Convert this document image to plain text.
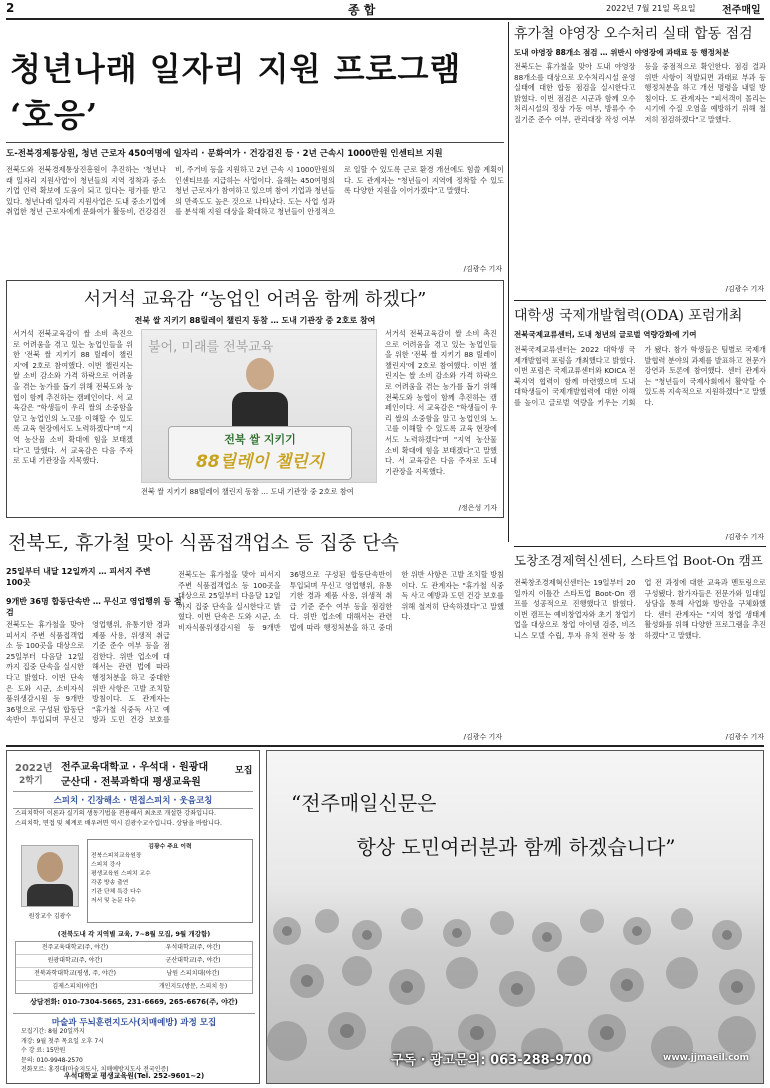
2	종 합	2022년 7월 21일 목요일	전주매일
청년나래 일자리 지원 프로그램 ‘호응’
도-전북경제통상원, 청년 근로자 450여명에 일자리 · 문화여가 · 건강검진 등 · 2년 근속시 1000만원 인센티브 지원
전북도와 전북경제통상진흥원이 추진하는 '청년나래 일자리 지원사업'이 청년들의 지역 정착과 중소기업 인력 확보에 도움이 되고 있다는 평가를 받고 있다. 청년나래 일자리 지원사업은 도내 중소기업에 취업한 청년 근로자에게 문화여가 활동비, 건강검진비, 주거비 등을 지원하고 2년 근속 시 1000만원의 인센티브를 지급하는 사업이다. 올해는 450여명의 청년 근로자가 참여하고 있으며 참여 기업과 청년들의 만족도도 높은 것으로 나타났다. 도는 사업 성과를 분석해 지원 대상을 확대하고 청년들이 안정적으로 일할 수 있도록 근로 환경 개선에도 힘쓸 계획이다. 도 관계자는 "청년들이 지역에 정착할 수 있도록 다양한 지원을 이어가겠다"고 말했다.
/김광수 기자
휴가철 야영장 오수처리 실태 합동 점검
도내 야영장 88개소 점검 … 위반시 야영장에 과태료 등 행정처분
전북도는 휴가철을 맞아 도내 야영장 88개소를 대상으로 오수처리시설 운영 실태에 대한 합동 점검을 실시한다고 밝혔다. 이번 점검은 시군과 함께 오수처리시설의 정상 가동 여부, 방류수 수질기준 준수 여부, 관리대장 작성 여부 등을 중점적으로 확인한다. 점검 결과 위반 사항이 적발되면 과태료 부과 등 행정처분을 하고 개선 명령을 내릴 방침이다. 도 관계자는 "피서객이 몰리는 시기에 수질 오염을 예방하기 위해 철저히 점검하겠다"고 말했다.
/김광수 기자
서거석 교육감 “농업인 어려움 함께 하겠다”
전북 쌀 지키기 88릴레이 챌린지 동참 … 도내 기관장 중 2호로 참여
서거석 전북교육감이 쌀 소비 촉진으로 어려움을 겪고 있는 농업인들을 위한 '전북 쌀 지키기 88 릴레이 챌린지'에 2호로 참여했다. 이번 챌린지는 쌀 소비 감소와 가격 하락으로 어려움을 겪는 농가를 돕기 위해 전북도와 농협이 함께 추진하는 캠페인이다. 서 교육감은 "학생들이 우리 쌀의 소중함을 알고 농업인의 노고를 이해할 수 있도록 교육 현장에서도 노력하겠다"며 "지역 농산물 소비 확대에 힘을 보태겠다"고 말했다. 서 교육감은 다음 주자로 도내 기관장을 지목했다.
불어, 미래를 전북교육
전북 쌀 지키기
88릴레이 챌린지
전북 쌀 지키기 88릴레이 챌린지 동참 … 도내 기관장 중 2호로 참여
서거석 전북교육감이 쌀 소비 촉진으로 어려움을 겪고 있는 농업인들을 위한 '전북 쌀 지키기 88 릴레이 챌린지'에 2호로 참여했다. 이번 챌린지는 쌀 소비 감소와 가격 하락으로 어려움을 겪는 농가를 돕기 위해 전북도와 농협이 함께 추진하는 캠페인이다. 서 교육감은 "학생들이 우리 쌀의 소중함을 알고 농업인의 노고를 이해할 수 있도록 교육 현장에서도 노력하겠다"며 "지역 농산물 소비 확대에 힘을 보태겠다"고 말했다. 서 교육감은 다음 주자로 도내 기관장을 지목했다.
/정은성 기자
대학생 국제개발협력(ODA) 포럼개최
전북국제교류센터, 도내 청년의 글로벌 역량강화에 기여
전북국제교류센터는 2022 대학생 국제개발협력 포럼을 개최했다고 밝혔다. 이번 포럼은 국제교류센터와 KOICA 전북지역 협력이 함께 마련했으며 도내 대학생들이 국제개발협력에 대한 이해를 높이고 글로벌 역량을 키우는 기회가 됐다. 참가 학생들은 팀별로 국제개발협력 분야의 과제를 발표하고 전문가 강연과 토론에 참여했다. 센터 관계자는 "청년들이 국제사회에서 활약할 수 있도록 지속적으로 지원하겠다"고 말했다.
/김광수 기자
전북도, 휴가철 맞아 식품접객업소 등 집중 단속
25일부터 내달 12일까지 … 피서지 주변 100곳
9개반 36명 합동단속반 … 무신고 영업행위 등 점검
전북도는 휴가철을 맞아 피서지 주변 식품접객업소 등 100곳을 대상으로 25일부터 다음달 12일까지 집중 단속을 실시한다고 밝혔다. 이번 단속은 도와 시군, 소비자식품위생감시원 등 9개반 36명으로 구성된 합동단속반이 투입되며 무신고 영업행위, 유통기한 경과 제품 사용, 위생적 취급 기준 준수 여부 등을 점검한다. 위반 업소에 대해서는 관련 법에 따라 행정처분을 하고 중대한 위반 사항은 고발 조치할 방침이다. 도 관계자는 "휴가철 식중독 사고 예방과 도민 건강 보호를
전북도는 휴가철을 맞아 피서지 주변 식품접객업소 등 100곳을 대상으로 25일부터 다음달 12일까지 집중 단속을 실시한다고 밝혔다. 이번 단속은 도와 시군, 소비자식품위생감시원 등 9개반 36명으로 구성된 합동단속반이 투입되며 무신고 영업행위, 유통기한 경과 제품 사용, 위생적 취급 기준 준수 여부 등을 점검한다. 위반 업소에 대해서는 관련 법에 따라 행정처분을 하고 중대한 위반 사항은 고발 조치할 방침이다. 도 관계자는 "휴가철 식중독 사고 예방과 도민 건강 보호를 위해 철저히 단속하겠다"고 말했다.
/김광수 기자
도창조경제혁신센터, 스타트업 Boot-On 캠프
전북창조경제혁신센터는 19일부터 20일까지 이틀간 스타트업 Boot-On 캠프를 성공적으로 진행했다고 밝혔다. 이번 캠프는 예비창업자와 초기 창업기업을 대상으로 창업 아이템 검증, 비즈니스 모델 수립, 투자 유치 전략 등 창업 전 과정에 대한 교육과 멘토링으로 구성됐다. 참가자들은 전문가와 일대일 상담을 통해 사업화 방안을 구체화했다. 센터 관계자는 "지역 창업 생태계 활성화를 위해 다양한 프로그램을 추진하겠다"고 말했다.
/김광수 기자
2022년
2학기
전주교육대학교 · 우석대 · 원광대
군산대 · 전북과학대 평생교육원
모집
스피치 · 긴장해소 · 면접스피치 · 웃음코칭
스피치학이 이론과 실기의 생동기법을 전용해서 최초로 개설한 강좌입니다.
스피치학, 면접 및 체계로 배우려면 역시 김광수교수입니다. 상담을 바랍니다.
원장교수 김광수
김광수 주요 이력
전북스피치교육원장
스피치 강사
평생교육원 스피치 교수
각종 방송 출연
기관 단체 특강 다수
저서 및 논문 다수
(전북도내 각 지역별 교육, 7~8월 모집, 9월 개강함)
전주교육대학교(주, 야간)	우석대학교(주, 야간)
원광대학교(주, 야간)	군산대학교(주, 야간)
전북과학대학교(평생, 주, 야간)	남원 스피치대(야간)
김제스피치(야간)	개인지도(방문, 스피치 등)
상담전화: 010-7304-5665, 231-6669, 265-6676(주, 야간)
마술과 두뇌훈련지도사(치매예방) 과정 모집
모집기간: 8월 20일까지
개강: 9월 첫주 목요일 오후 7시
수 강 료: 15만원
문의: 010-9948-2570
전화모르: 홍경대(마술지도사, 치매예방지도사 전국인증)
우석대학교 평생교육원(Tel. 252-9601~2)
“전주매일신문은
항상 도민여러분과 함께 하겠습니다”
구독 · 광고문의: 063-288-9700	www.jjmaeil.com
